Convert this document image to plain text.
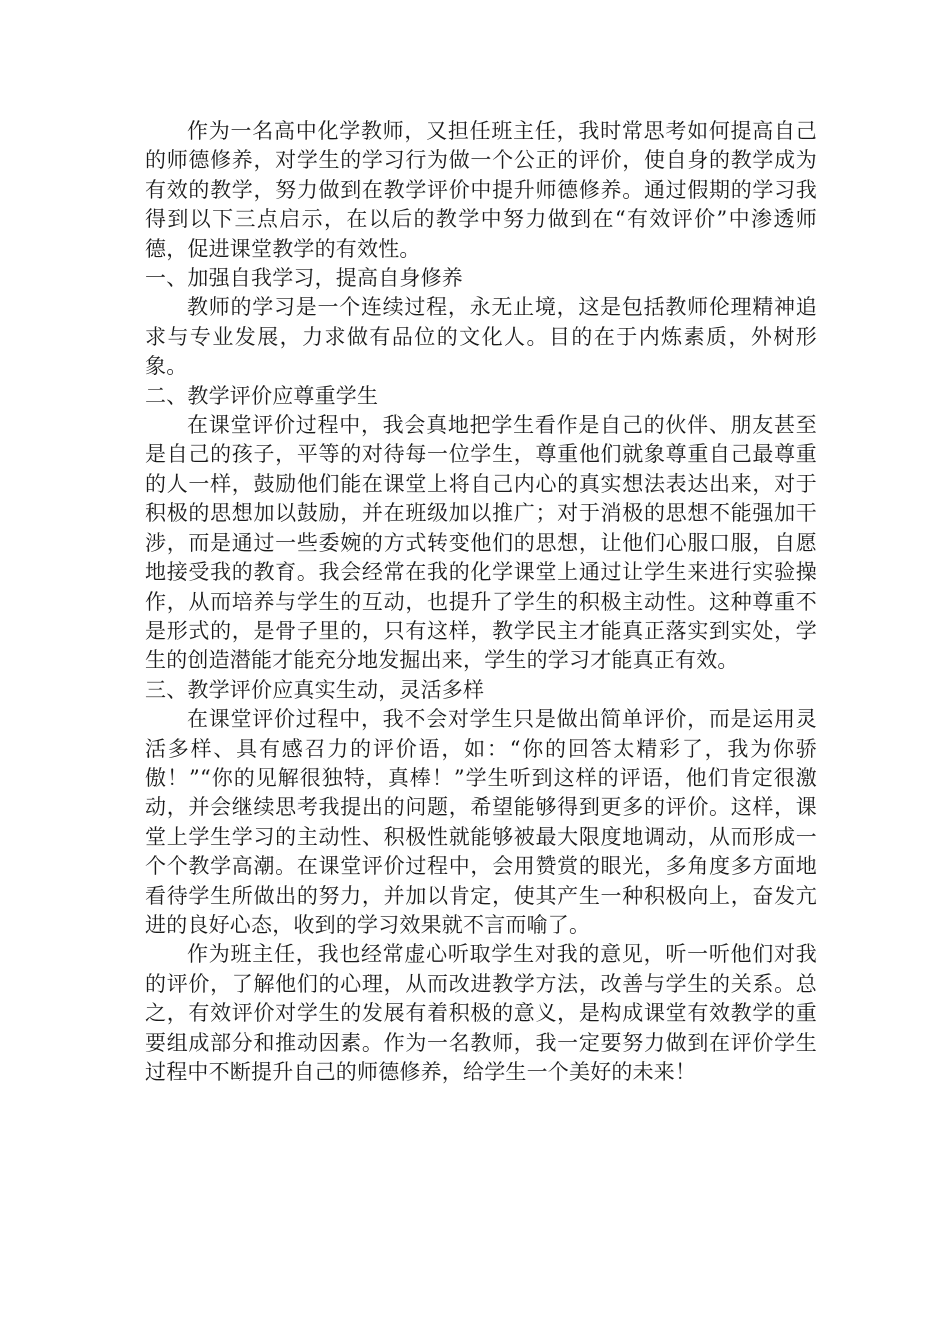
作为一名高中化学教师，又担任班主任，我时常思考如何提高自己的师德修养，对学生的学习行为做一个公正的评价，使自身的教学成为有效的教学，努力做到在教学评价中提升师德修养。通过假期的学习我得到以下三点启示，在以后的教学中努力做到在“有效评价”中渗透师德，促进课堂教学的有效性。

一、加强自我学习，提高自身修养

教师的学习是一个连续过程，永无止境，这是包括教师伦理精神追求与专业发展，力求做有品位的文化人。目的在于内炼素质，外树形象。

二、教学评价应尊重学生

在课堂评价过程中，我会真地把学生看作是自己的伙伴、朋友甚至是自己的孩子，平等的对待每一位学生，尊重他们就象尊重自己最尊重的人一样，鼓励他们能在课堂上将自己内心的真实想法表达出来，对于积极的思想加以鼓励，并在班级加以推广；对于消极的思想不能强加干涉，而是通过一些委婉的方式转变他们的思想，让他们心服口服，自愿地接受我的教育。我会经常在我的化学课堂上通过让学生来进行实验操作，从而培养与学生的互动，也提升了学生的积极主动性。这种尊重不是形式的，是骨子里的，只有这样，教学民主才能真正落实到实处，学生的创造潜能才能充分地发掘出来，学生的学习才能真正有效。

三、教学评价应真实生动，灵活多样

在课堂评价过程中，我不会对学生只是做出简单评价，而是运用灵活多样、具有感召力的评价语，如：“你的回答太精彩了，我为你骄傲！”“你的见解很独特，真棒！”学生听到这样的评语，他们肯定很激动，并会继续思考我提出的问题，希望能够得到更多的评价。这样，课堂上学生学习的主动性、积极性就能够被最大限度地调动，从而形成一个个教学高潮。在课堂评价过程中，会用赞赏的眼光，多角度多方面地看待学生所做出的努力，并加以肯定，使其产生一种积极向上，奋发亢进的良好心态，收到的学习效果就不言而喻了。

作为班主任，我也经常虚心听取学生对我的意见，听一听他们对我的评价，了解他们的心理，从而改进教学方法，改善与学生的关系。总之，有效评价对学生的发展有着积极的意义，是构成课堂有效教学的重要组成部分和推动因素。作为一名教师，我一定要努力做到在评价学生过程中不断提升自己的师德修养，给学生一个美好的未来！
